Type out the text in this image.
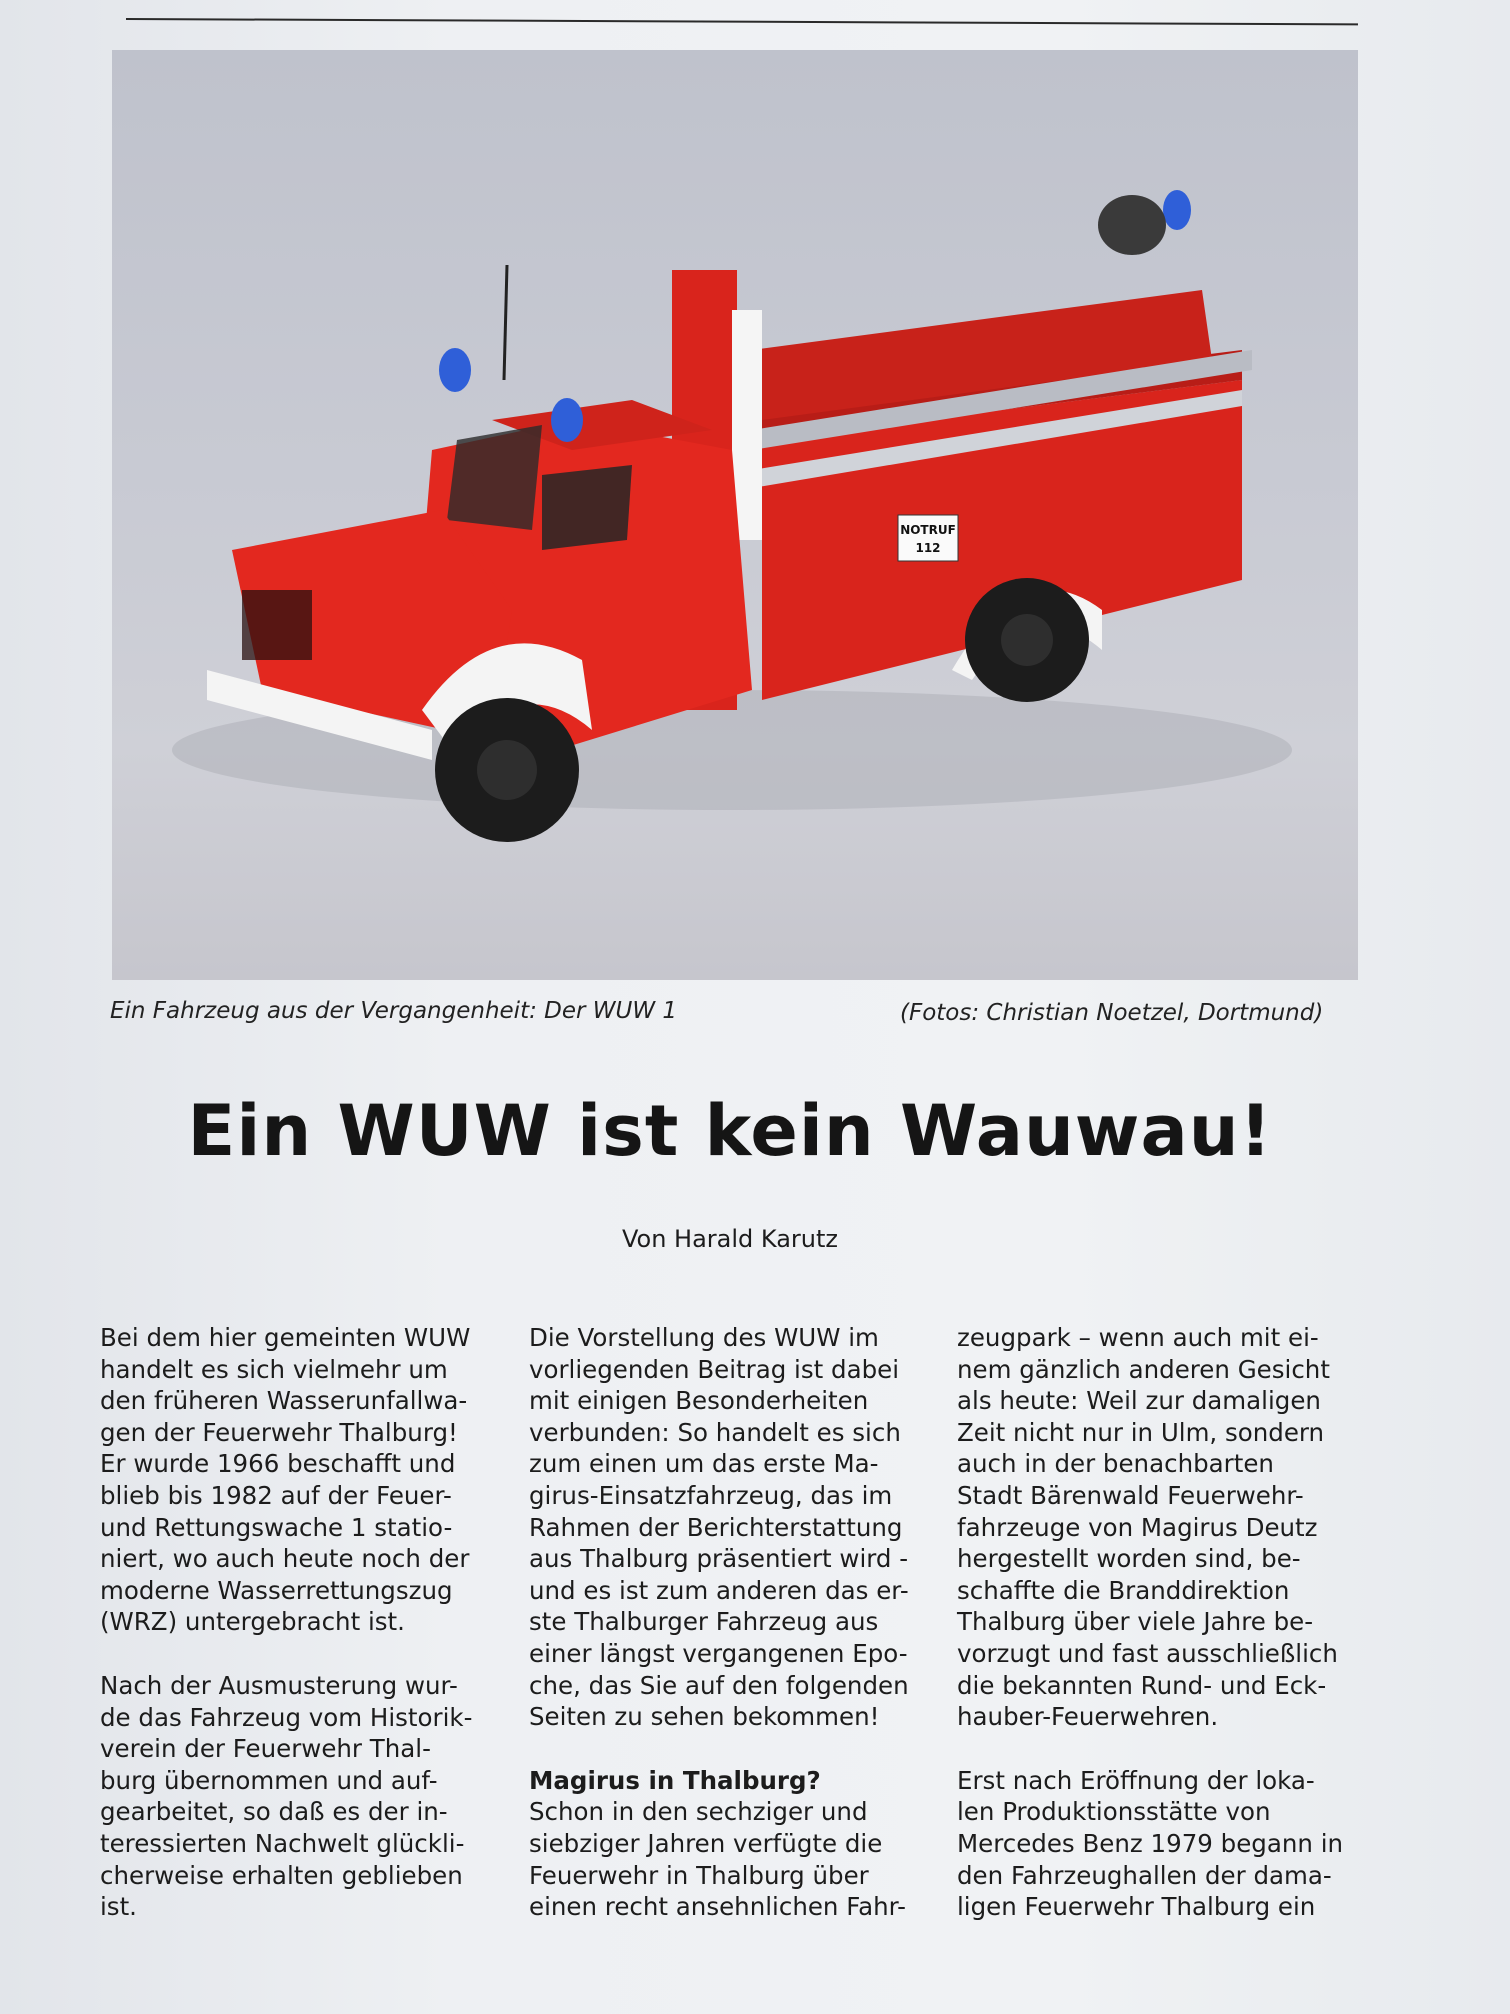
NOTRUF
112
Ein Fahrzeug aus der Vergangenheit: Der WUW 1	(Fotos: Christian Noetzel, Dortmund)
Ein WUW ist kein Wauwau!
Von Harald Karutz

Bei dem hier gemeinten WUW
handelt es sich vielmehr um
den früheren Wasserunfallwa-
gen der Feuerwehr Thalburg!
Er wurde 1966 beschafft und
blieb bis 1982 auf der Feuer-
und Rettungswache 1 statio-
niert, wo auch heute noch der
moderne Wasserrettungszug
(WRZ) untergebracht ist.

Nach der Ausmusterung wur-
de das Fahrzeug vom Historik-
verein der Feuerwehr Thal-
burg übernommen und auf-
gearbeitet, so daß es der in-
teressierten Nachwelt glückli-
cherweise erhalten geblieben
ist.

Die Vorstellung des WUW im
vorliegenden Beitrag ist dabei
mit einigen Besonderheiten
verbunden: So handelt es sich
zum einen um das erste Ma-
girus-Einsatzfahrzeug, das im
Rahmen der Berichterstattung
aus Thalburg präsentiert wird -
und es ist zum anderen das er-
ste Thalburger Fahrzeug aus
einer längst vergangenen Epo-
che, das Sie auf den folgenden
Seiten zu sehen bekommen!

Magirus in Thalburg?

Schon in den sechziger und
siebziger Jahren verfügte die
Feuerwehr in Thalburg über
einen recht ansehnlichen Fahr-

zeugpark – wenn auch mit ei-
nem gänzlich anderen Gesicht
als heute: Weil zur damaligen
Zeit nicht nur in Ulm, sondern
auch in der benachbarten
Stadt Bärenwald Feuerwehr-
fahrzeuge von Magirus Deutz
hergestellt worden sind, be-
schaffte die Branddirektion
Thalburg über viele Jahre be-
vorzugt und fast ausschließlich
die bekannten Rund- und Eck-
hauber-Feuerwehren.

Erst nach Eröffnung der loka-
len Produktionsstätte von
Mercedes Benz 1979 begann in
den Fahrzeughallen der dama-
ligen Feuerwehr Thalburg ein
